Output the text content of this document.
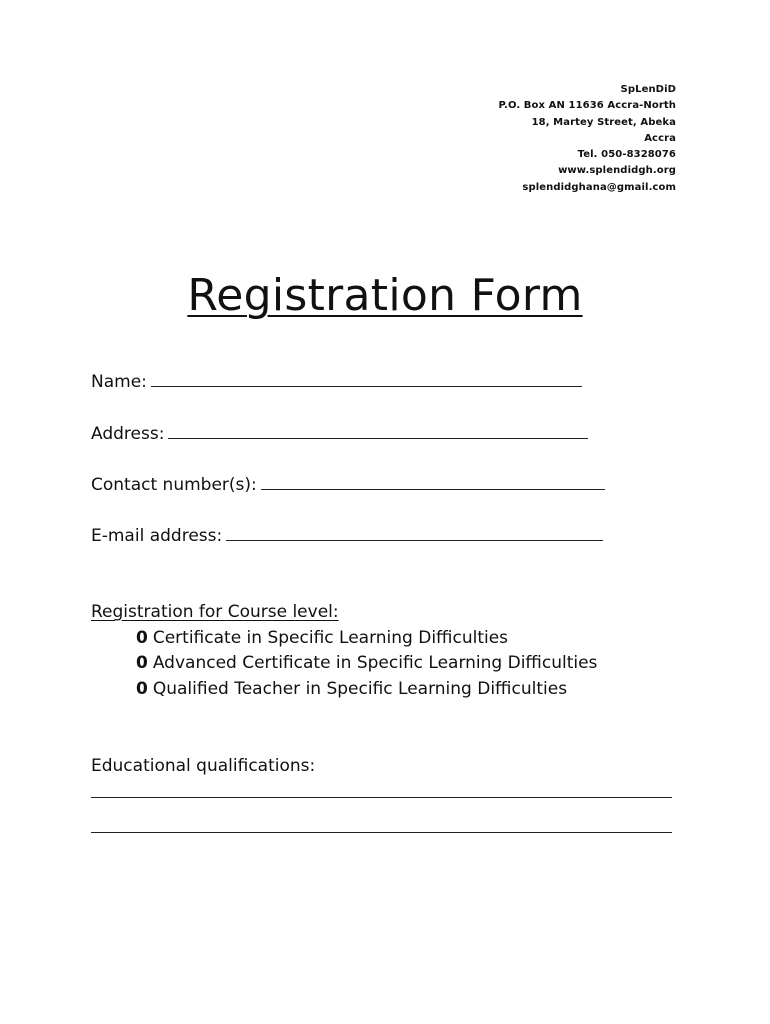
SpLenDiD
P.O. Box AN 11636 Accra-North
18, Martey Street, Abeka
Accra
Tel. 050-8328076
www.splendidgh.org
splendidghana@gmail.com
Registration Form
Name:
Address:
Contact number(s):
E-mail address:
Registration for Course level:
0 Certificate in Specific Learning Difficulties
0 Advanced Certificate in Specific Learning Difficulties
0 Qualified Teacher in Specific Learning Difficulties
Educational qualifications:
